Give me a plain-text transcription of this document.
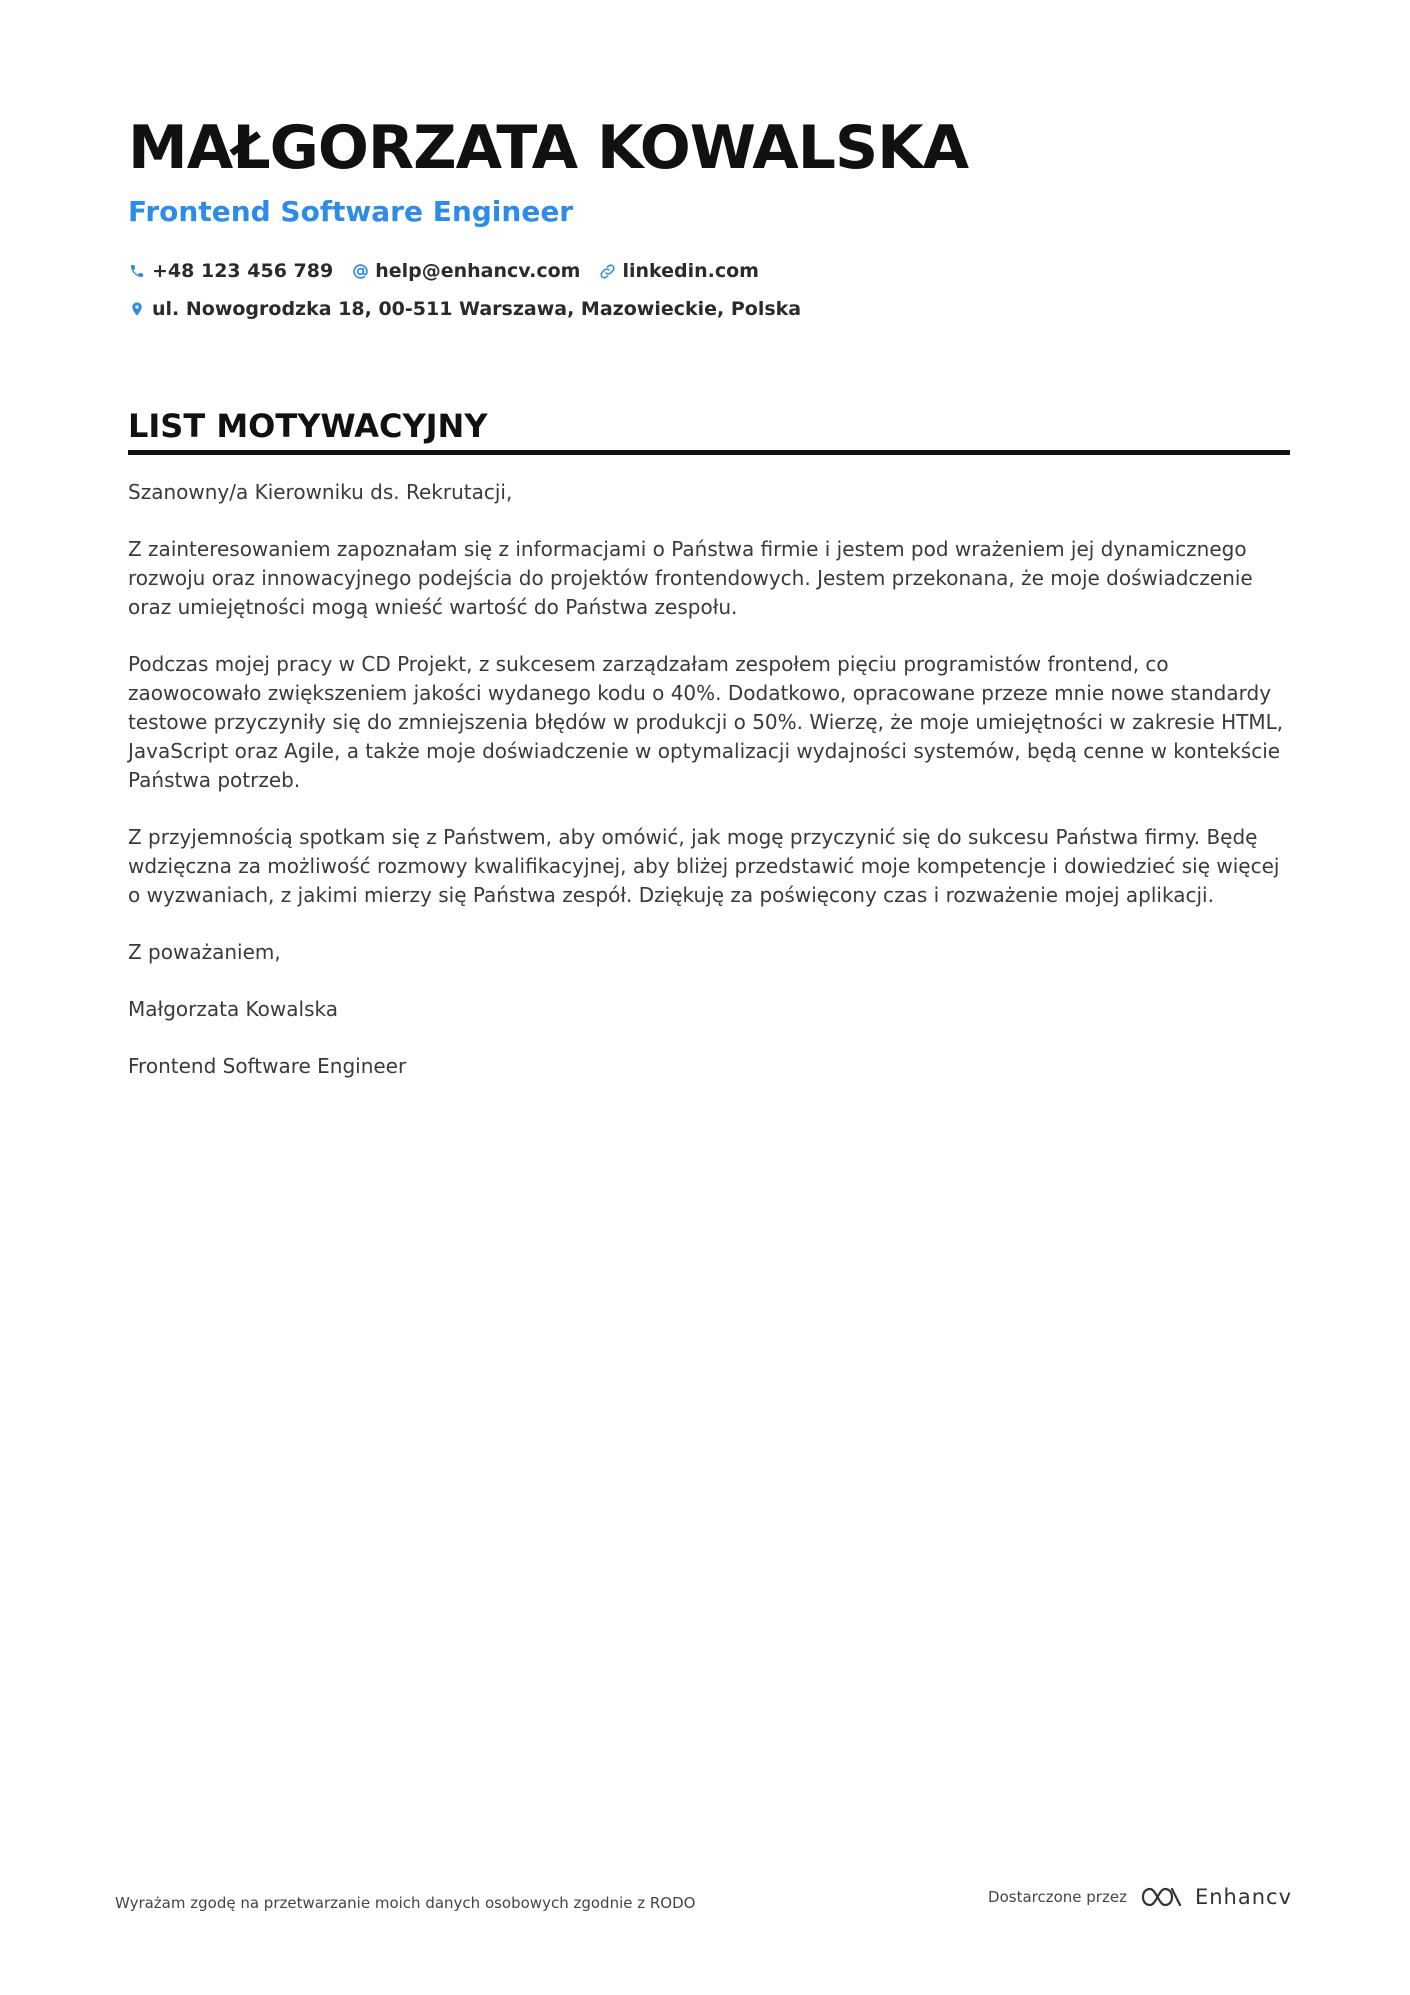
MAŁGORZATA KOWALSKA
Frontend Software Engineer
+48 123 456 789 help@enhancv.com linkedin.com
ul. Nowogrodzka 18, 00-511 Warszawa, Mazowieckie, Polska
LIST MOTYWACYJNY

Szanowny/a Kierowniku ds. Rekrutacji,

Z zainteresowaniem zapoznałam się z informacjami o Państwa firmie i jestem pod wrażeniem jej dynamicznego rozwoju oraz innowacyjnego podejścia do projektów frontendowych. Jestem przekonana, że moje doświadczenie oraz umiejętności mogą wnieść wartość do Państwa zespołu.

Podczas mojej pracy w CD Projekt, z sukcesem zarządzałam zespołem pięciu programistów frontend, co zaowocowało zwiększeniem jakości wydanego kodu o 40%. Dodatkowo, opracowane przeze mnie nowe standardy testowe przyczyniły się do zmniejszenia błędów w produkcji o 50%. Wierzę, że moje umiejętności w zakresie HTML, JavaScript oraz Agile, a także moje doświadczenie w optymalizacji wydajności systemów, będą cenne w kontekście Państwa potrzeb.

Z przyjemnością spotkam się z Państwem, aby omówić, jak mogę przyczynić się do sukcesu Państwa firmy. Będę wdzięczna za możliwość rozmowy kwalifikacyjnej, aby bliżej przedstawić moje kompetencje i dowiedzieć się więcej o wyzwaniach, z jakimi mierzy się Państwa zespół. Dziękuję za poświęcony czas i rozważenie mojej aplikacji.

Z poważaniem,

Małgorzata Kowalska

Frontend Software Engineer

Wyrażam zgodę na przetwarzanie moich danych osobowych zgodnie z RODO	Dostarczone przez	Enhancv
